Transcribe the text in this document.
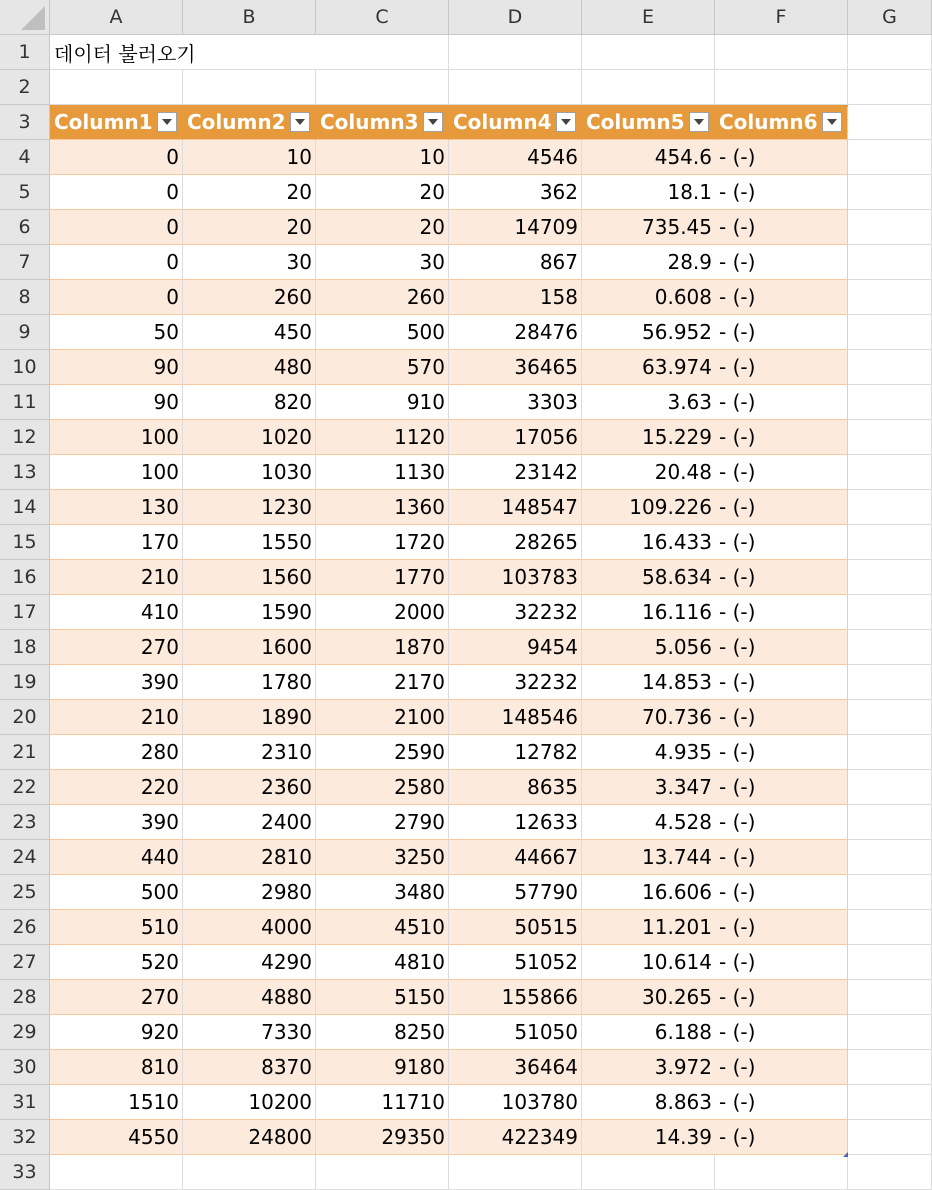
A	B	C	D	E	F	G
1
2
3
4
5
6
7
8
9
10
11
12
13
14
15
16
17
18
19
20
21
22
23
24
25
26
27
28
29
30
31
32
33
데이터 불러오기
Column1 Column2 Column3 Column4 Column5 Column6
0	10	10	4546	454.6 - (-)
0	20	20	362	18.1 - (-)
0	20	20	14709	735.45 - (-)
0	30	30	867	28.9 - (-)
0	260	260	158	0.608 - (-)
50	450	500	28476	56.952 - (-)
90	480	570	36465	63.974 - (-)
90	820	910	3303	3.63 - (-)
100	1020	1120	17056	15.229 - (-)
100	1030	1130	23142	20.48 - (-)
130	1230	1360	148547	109.226 - (-)
170	1550	1720	28265	16.433 - (-)
210	1560	1770	103783	58.634 - (-)
410	1590	2000	32232	16.116 - (-)
270	1600	1870	9454	5.056 - (-)
390	1780	2170	32232	14.853 - (-)
210	1890	2100	148546	70.736 - (-)
280	2310	2590	12782	4.935 - (-)
220	2360	2580	8635	3.347 - (-)
390	2400	2790	12633	4.528 - (-)
440	2810	3250	44667	13.744 - (-)
500	2980	3480	57790	16.606 - (-)
510	4000	4510	50515	11.201 - (-)
520	4290	4810	51052	10.614 - (-)
270	4880	5150	155866	30.265 - (-)
920	7330	8250	51050	6.188 - (-)
810	8370	9180	36464	3.972 - (-)
1510	10200	11710	103780	8.863 - (-)
4550	24800	29350	422349	14.39 - (-)
